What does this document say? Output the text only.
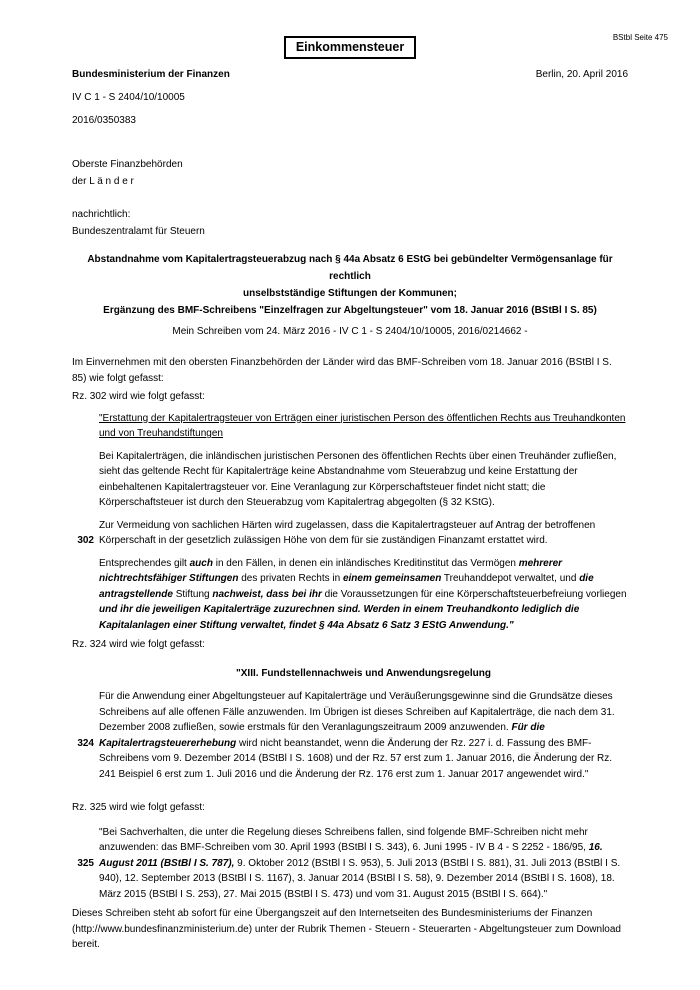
BStbl Seite 475
Einkommensteuer
Bundesministerium der Finanzen	Berlin, 20. April 2016
IV C 1 - S 2404/10/10005
2016/0350383
Oberste Finanzbehörden
der L ä n d e r
nachrichtlich:
Bundeszentralamt für Steuern
Abstandnahme vom Kapitalertragsteuerabzug nach § 44a Absatz 6 EStG bei gebündelter Vermögensanlage für rechtlich
unselbstständige Stiftungen der Kommunen;
Ergänzung des BMF-Schreibens "Einzelfragen zur Abgeltungsteuer" vom 18. Januar 2016 (BStBl I S. 85)
Mein Schreiben vom 24. März 2016 - IV C 1 - S 2404/10/10005, 2016/0214662 -

Im Einvernehmen mit den obersten Finanzbehörden der Länder wird das BMF-Schreiben vom 18. Januar 2016 (BStBl I S. 85) wie folgt gefasst:

Rz. 302 wird wie folgt gefasst:

"Erstattung der Kapitalertragsteuer von Erträgen einer juristischen Person des öffentlichen Rechts aus Treuhandkonten und von Treuhandstiftungen

Bei Kapitalerträgen, die inländischen juristischen Personen des öffentlichen Rechts über einen Treuhänder zufließen, sieht das geltende Recht für Kapitalerträge keine Abstandnahme vom Steuerabzug und keine Erstattung der einbehaltenen Kapitalertragsteuer vor. Eine Veranlagung zur Körperschaftsteuer findet nicht statt; die Körperschaftsteuer ist durch den Steuerabzug vom Kapitalertrag abgegolten (§ 32 KStG).

302

Zur Vermeidung von sachlichen Härten wird zugelassen, dass die Kapitalertragsteuer auf Antrag der betroffenen Körperschaft in der gesetzlich zulässigen Höhe von dem für sie zuständigen Finanzamt erstattet wird.

Entsprechendes gilt auch in den Fällen, in denen ein inländisches Kreditinstitut das Vermögen mehrerer nichtrechtsfähiger Stiftungen des privaten Rechts in einem gemeinsamen Treuhanddepot verwaltet, und die antragstellende Stiftung nachweist, dass bei ihr die Voraussetzungen für eine Körperschaftsteuerbefreiung vorliegen und ihr die jeweiligen Kapitalerträge zuzurechnen sind. Werden in einem Treuhandkonto lediglich die Kapitalanlagen einer Stiftung verwaltet, findet § 44a Absatz 6 Satz 3 EStG Anwendung."

Rz. 324 wird wie folgt gefasst:

"XIII. Fundstellennachweis und Anwendungsregelung

324

Für die Anwendung einer Abgeltungsteuer auf Kapitalerträge und Veräußerungsgewinne sind die Grundsätze dieses Schreibens auf alle offenen Fälle anzuwenden. Im Übrigen ist dieses Schreiben auf Kapitalerträge, die nach dem 31. Dezember 2008 zufließen, sowie erstmals für den Veranlagungszeitraum 2009 anzuwenden. Für die Kapitalertragsteuererhebung wird nicht beanstandet, wenn die Änderung der Rz. 227 i. d. Fassung des BMF-Schreibens vom 9. Dezember 2014 (BStBl I S. 1608) und der Rz. 57 erst zum 1. Januar 2016, die Änderung der Rz. 241 Beispiel 6 erst zum 1. Juli 2016 und die Änderung der Rz. 176 erst zum 1. Januar 2017 angewendet wird."

Rz. 325 wird wie folgt gefasst:

325

"Bei Sachverhalten, die unter die Regelung dieses Schreibens fallen, sind folgende BMF-Schreiben nicht mehr anzuwenden: das BMF-Schreiben vom 30. April 1993 (BStBl I S. 343), 6. Juni 1995 - IV B 4 - S 2252 - 186/95, 16. August 2011 (BStBl I S. 787), 9. Oktober 2012 (BStBl I S. 953), 5. Juli 2013 (BStBl I S. 881), 31. Juli 2013 (BStBl I S. 940), 12. September 2013 (BStBl I S. 1167), 3. Januar 2014 (BStBl I S. 58), 9. Dezember 2014 (BStBl I S. 1608), 18. März 2015 (BStBl I S. 253), 27. Mai 2015 (BStBl I S. 473) und vom 31. August 2015 (BStBl I S. 664)."

Dieses Schreiben steht ab sofort für eine Übergangszeit auf den Internetseiten des Bundesministeriums der Finanzen (http://www.bundesfinanzministerium.de) unter der Rubrik Themen - Steuern - Steuerarten - Abgeltungsteuer zum Download bereit.
